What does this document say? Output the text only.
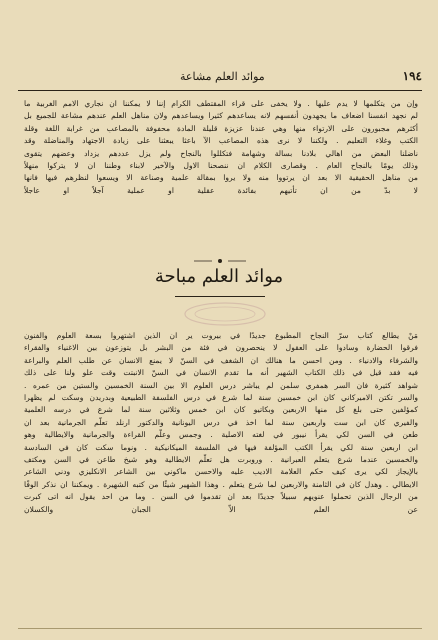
١٩٤
موائد العلم مشاعة
وإن من يتكلمها لا يدم عليها . ولا يخفى على قراء المقتطف الكرام إننا لا يمكننا ان نجاري الامم الغربية ما
لم نجهد انفسنا اضعاف ما يجهدون أنفسهم لانه يساعدهم كثيرا ويساعدهم ولان مناهل العلم عندهم مشاعة للجميع بل
أكثرهم مجبورون على الارتواء منها وهي عندنا عزيزة قليلة المادة محفوفة بالمصاعب من غرابة اللغة وقلة
الكتب وغلاء التعليم . ولكننا لا نرى هذه المصاعب الآ باعثا يبعثنا على زيادة الاجتهاد والمناضلة وقد
ناضلنا البعض من اهالي بلادنا بسالة وشهامة فتكللوا بالنجاح ولم يزل عددهم يزداد وعضهم يتقوى
وذلك يومًا بالنجاح العام . وقصارى الكلام ان ننصحنا الاول والآخير لابناء وطننا ان لا يتركوا منهلاً
من مناهل الحقيقية الا بعد ان يرتووا منه ولا يروا بمقالة علمية وصناعة الا ويسعوا لنظرهم فيها فانها
لا بدّ من ان تأتيهم بفائدة عقلية او عملية آجلاً او عاجلاً
موائد العلم مباحة
مَنْ يطالع كتاب سرّ النجاح المطبوع جديدًا في بيروت ير ان الذين اشتهروا بسعة العلوم والفنون
فرقوا الحضارة وسادوا على العقول لا ينحصرون في فئة من البشر بل يتوزعون بين الاغنياء والفقراء
والشرفاء والادنياء . ومن احسن ما هنالك ان الشغف في السنّ لا يمنع الانسان عن طلب العلم والبراعة
فيه فقد قيل في ذلك الكتاب الشهير أنه ما تقدم الانسان في السنّ الانبتت وقت علو ولنا على ذلك
شواهد كثيرة فان السر همفري سلمن لم يباشر درس العلوم الا بين السنة الخمسين والستين من عمره .
والسر تكتن الاميركاني كان ابن خمسين سنة لما شرع في درس الفلسفة الطبيعية وبدريدن وسكت لم يظهرا
كمؤلفين حتى بلغ كل منها الاربعين وبكاتيو كان ابن خمس وثلاثين سنة لما شرع في درسه العلمية
والفيري كان ابن ست واربعين سنة لما اخذ في درس اليونانية والدكتور ارنلد تعلّم الجرمانية بعد ان
طعن في السن لكي يقرأ نيبور في لغته الاصلية . وجمس وعلّم القراءة والجرمانية والايطالية وهو
ابن اربعين سنة لكي يقرأ الكتب المؤلفة فيها في الفلسفة الميكانيكية . ونوما سكت كان في السادسة
والخمسين عندما شرع يتعلم العبرانية . وروبرت هل تعلّم الايطالية وهو شيخ طاعن في السن ومكتف
بالإيجاز لكي يرى كيف حكم العلامة الاديب عليه والاحسن ماكوني بين الشاعر الانكليزي ودني الشاعر
الايطالي . وهدل كان في الثامنة والاربعين لما شرع يتعلم . وهذا الشهير شيئًا من كتبه الشهيرة . ويمكننا ان نذكر الوفًا
من الرجال الذين تحملوا عنويهم سبيلاً جديدًا بعد ان تقدموا في السن . وما من احد يقول انه اتى كبرت
عن العلم الاّ الجبان والكسلان
